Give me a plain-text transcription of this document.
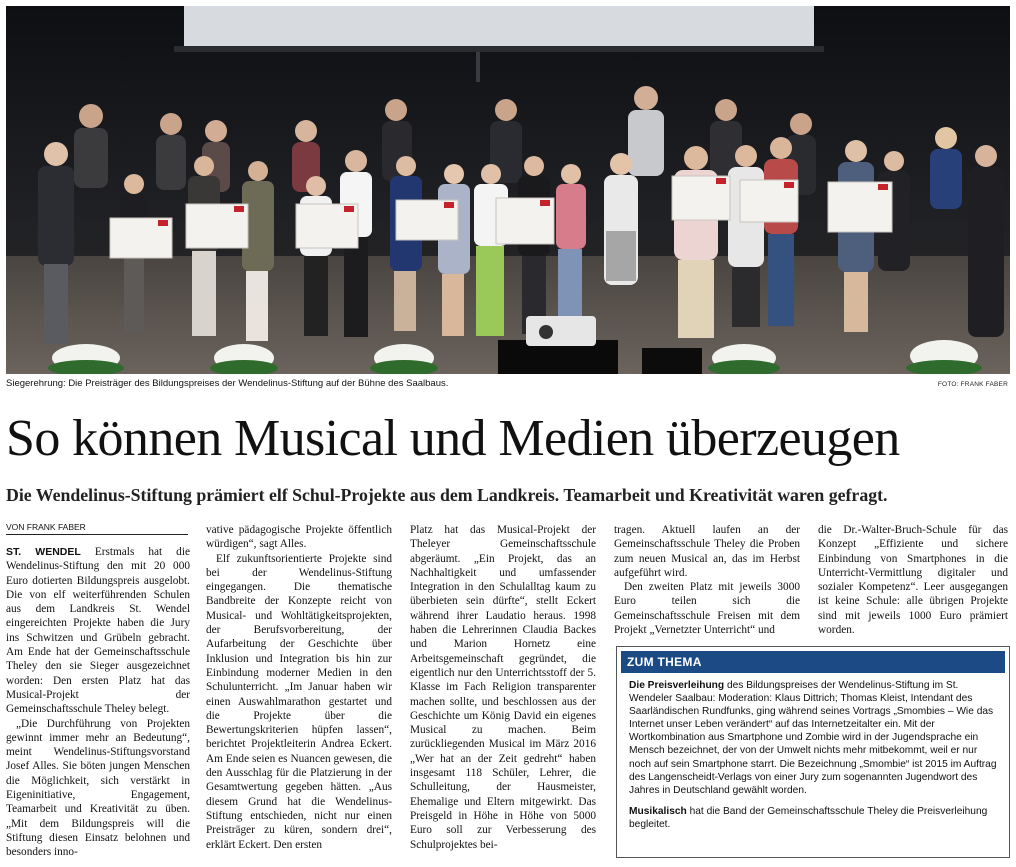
Siegerehrung: Die Preisträger des Bildungspreises der Wendelinus-Stiftung auf der Bühne des Saalbaus.	FOTO: FRANK FABER
So können Musical und Medien überzeugen
Die Wendelinus-Stiftung prämiert elf Schul-Projekte aus dem Landkreis. Teamarbeit und Kreativität waren gefragt.
VON FRANK FABER

ST. WENDEL Erstmals hat die Wendelinus-Stiftung den mit 20 000 Euro dotierten Bildungspreis ausgelobt. Die von elf weiterführenden Schulen aus dem Landkreis St. Wendel eingereichten Projekte haben die Jury ins Schwitzen und Grübeln gebracht. Am Ende hat der Gemeinschaftsschule Theley den sie Sieger ausgezeichnet worden: Den ersten Platz hat das Musical-Projekt der Gemeinschaftsschule Theley belegt.

„Die Durchführung von Projekten gewinnt immer mehr an Bedeutung“, meint Wendelinus-Stiftungsvorstand Josef Alles. Sie böten jungen Menschen die Möglichkeit, sich verstärkt in Eigeninitiative, Engagement, Teamarbeit und Kreativität zu üben. „Mit dem Bildungspreis will die Stiftung diesen Einsatz belohnen und besonders inno-

vative pädagogische Projekte öffentlich würdigen“, sagt Alles.

Elf zukunftsorientierte Projekte sind bei der Wendelinus-Stiftung eingegangen. Die thematische Bandbreite der Konzepte reicht von Musical- und Wohltätigkeitsprojekten, der Berufsvorbereitung, der Aufarbeitung der Geschichte über Inklusion und Integration bis hin zur Einbindung moderner Medien in den Schulunterricht. „Im Januar haben wir einen Auswahlmarathon gestartet und die Projekte über die Bewertungskriterien hüpfen lassen“, berichtet Projektleiterin Andrea Eckert. Am Ende seien es Nuancen gewesen, die den Ausschlag für die Platzierung in der Gesamtwertung gegeben hätten. „Aus diesem Grund hat die Wendelinus-Stiftung entschieden, nicht nur einen Preisträger zu küren, sondern drei“, erklärt Eckert. Den ersten

Platz hat das Musical-Projekt der Theleyer Gemeinschaftsschule abgeräumt. „Ein Projekt, das an Nachhaltigkeit und umfassender Integration in den Schulalltag kaum zu überbieten sein dürfte“, stellt Eckert während ihrer Laudatio heraus. 1998 haben die Lehrerinnen Claudia Backes und Marion Hornetz eine Arbeitsgemeinschaft gegründet, die eigentlich nur den Unterrichtsstoff der 5. Klasse im Fach Religion transparenter machen sollte, und beschlossen aus der Geschichte um König David ein eigenes Musical zu machen. Beim zurückliegenden Musical im März 2016 „Wer hat an der Zeit gedreht“ haben insgesamt 118 Schüler, Lehrer, die Schulleitung, der Hausmeister, Ehemalige und Eltern mitgewirkt. Das Preisgeld in Höhe in Höhe von 5000 Euro soll zur Verbesserung des Schulprojektes bei-

tragen. Aktuell laufen an der Gemeinschaftsschule Theley die Proben zum neuen Musical an, das im Herbst aufgeführt wird.

Den zweiten Platz mit jeweils 3000 Euro teilen sich die Gemeinschaftsschule Freisen mit dem Projekt „Vernetzter Unterricht“ und

die Dr.-Walter-Bruch-Schule für das Konzept „Effiziente und sichere Einbindung von Smartphones in die Unterricht-Vermittlung digitaler und sozialer Kompetenz“. Leer ausgegangen ist keine Schule: alle übrigen Projekte sind mit jeweils 1000 Euro prämiert worden.

ZUM THEMA

Die Preisverleihung des Bildungspreises der Wendelinus-Stiftung im St. Wendeler Saalbau: Moderation: Klaus Dittrich; Thomas Kleist, Intendant des Saarländischen Rundfunks, ging während seines Vortrags „Smombies – Wie das Internet unser Leben verändert“ auf das Internetzeitalter ein. Mit der Wortkombination aus Smartphone und Zombie wird in der Jugendsprache ein Mensch bezeichnet, der von der Umwelt nichts mehr mitbekommt, weil er nur noch auf sein Smartphone starrt. Die Bezeichnung „Smombie“ ist 2015 im Auftrag des Langenscheidt-Verlags von einer Jury zum sogenannten Jugendwort des Jahres in Deutschland gewählt worden.

Musikalisch hat die Band der Gemeinschaftsschule Theley die Preisverleihung begleitet.
